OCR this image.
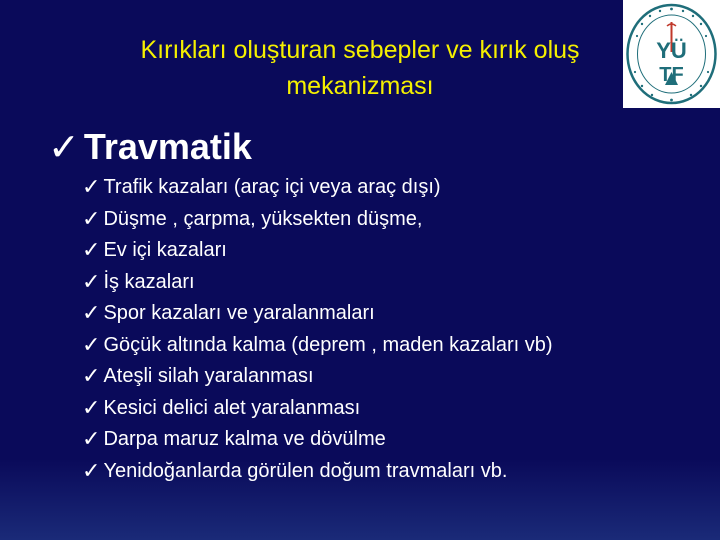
Kırıkları oluşturan sebepler ve kırık oluş
mekanizması
YÜ
TF
✓ Travmatik
✓ Trafik kazaları (araç içi veya araç dışı)
✓ Düşme , çarpma, yüksekten düşme,
✓ Ev içi kazaları
✓ İş kazaları
✓ Spor kazaları ve yaralanmaları
✓ Göçük altında kalma (deprem , maden kazaları vb)
✓ Ateşli silah yaralanması
✓ Kesici delici alet yaralanması
✓ Darpa maruz kalma ve dövülme
✓ Yenidoğanlarda görülen doğum travmaları vb.
